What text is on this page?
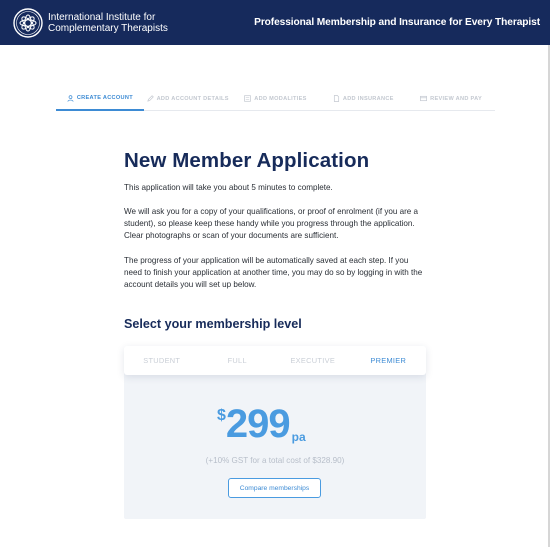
International Institute for
Complementary Therapists	Professional Membership and Insurance for Every Therapist
CREATE ACCOUNT	ADD ACCOUNT DETAILS	ADD MODALITIES	ADD INSURANCE	REVIEW AND PAY
New Member Application

This application will take you about 5 minutes to complete.

We will ask you for a copy of your qualifications, or proof of enrolment (if you are a student), so please keep these handy while you progress through the application. Clear photographs or scan of your documents are sufficient.

The progress of your application will be automatically saved at each step. If you need to finish your application at another time, you may do so by logging in with the account details you will set up below.

Select your membership level
STUDENT	FULL	EXECUTIVE	PREMIER
$ 299 pa
(+10% GST for a total cost of $328.90)
Compare memberships
